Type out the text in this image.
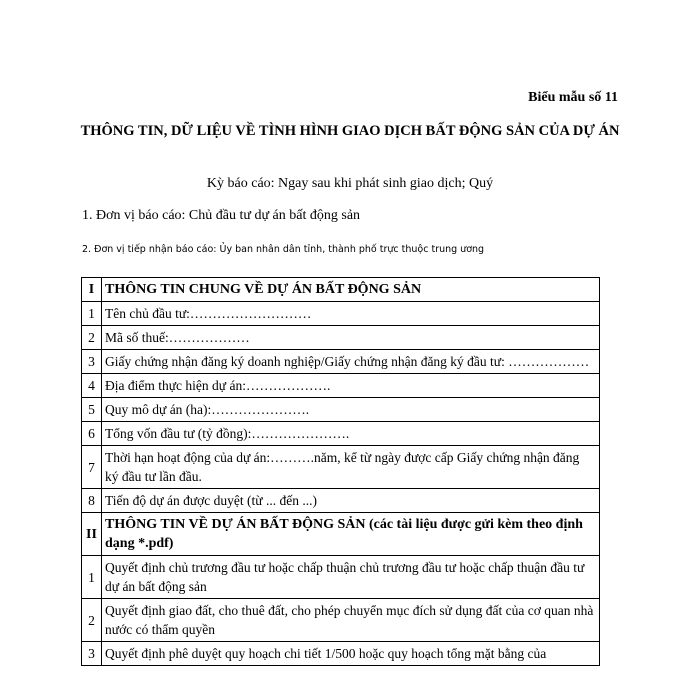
Biểu mẫu số 11
THÔNG TIN, DỮ LIỆU VỀ TÌNH HÌNH GIAO DỊCH BẤT ĐỘNG SẢN CỦA DỰ ÁN
Kỳ báo cáo: Ngay sau khi phát sinh giao dịch; Quý
1. Đơn vị báo cáo: Chủ đầu tư dự án bất động sản
2. Đơn vị tiếp nhận báo cáo: Ủy ban nhân dân tỉnh, thành phố trực thuộc trung ương
I	THÔNG TIN CHUNG VỀ DỰ ÁN BẤT ĐỘNG SẢN
1	Tên chủ đầu tư:………………………
2	Mã số thuế:………………
3	Giấy chứng nhận đăng ký doanh nghiệp/Giấy chứng nhận đăng ký đầu tư: ………………
4	Địa điểm thực hiện dự án:……………….
5	Quy mô dự án (ha):………………….
6	Tổng vốn đầu tư (tỷ đồng):………………….
7	Thời hạn hoạt động của dự án:……….năm, kể từ ngày được cấp Giấy chứng nhận đăng ký đầu tư lần đầu.
8	Tiến độ dự án được duyệt (từ ... đến ...)
II	THÔNG TIN VỀ DỰ ÁN BẤT ĐỘNG SẢN (các tài liệu được gửi kèm theo định dạng *.pdf)
1	Quyết định chủ trương đầu tư hoặc chấp thuận chủ trương đầu tư hoặc chấp thuận đầu tư dự án bất động sản
2	Quyết định giao đất, cho thuê đất, cho phép chuyển mục đích sử dụng đất của cơ quan nhà nước có thẩm quyền
3	Quyết định phê duyệt quy hoạch chi tiết 1/500 hoặc quy hoạch tổng mặt bằng của
